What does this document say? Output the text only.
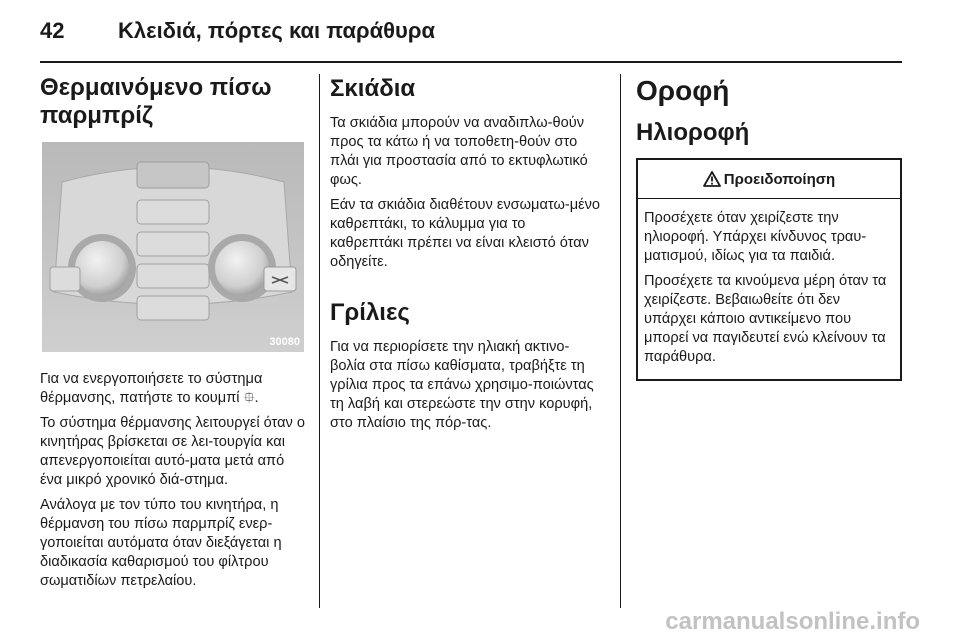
42 Κλειδιά, πόρτες και παράθυρα
Θερμαινόμενο πίσω παρμπρίζ
30080

Για να ενεργοποιήσετε το σύστημα θέρμανσης, πατήστε το κουμπί ⯐.

Το σύστημα θέρμανσης λειτουργεί όταν ο κινητήρας βρίσκεται σε λει-τουργία και απενεργοποιείται αυτό-ματα μετά από ένα μικρό χρονικό διά-στημα.

Ανάλογα με τον τύπο του κινητήρα, η θέρμανση του πίσω παρμπρίζ ενερ-γοποιείται αυτόματα όταν διεξάγεται η διαδικασία καθαρισμού του φίλτρου σωματιδίων πετρελαίου.

Σκιάδια

Τα σκιάδια μπορούν να αναδιπλω-θούν προς τα κάτω ή να τοποθετη-θούν στο πλάι για προστασία από το εκτυφλωτικό φως.

Εάν τα σκιάδια διαθέτουν ενσωματω-μένο καθρεπτάκι, το κάλυμμα για το καθρεπτάκι πρέπει να είναι κλειστό όταν οδηγείτε.

Γρίλιες

Για να περιορίσετε την ηλιακή ακτινο-βολία στα πίσω καθίσματα, τραβήξτε τη γρίλια προς τα επάνω χρησιμο-ποιώντας τη λαβή και στερεώστε την στην κορυφή, στο πλαίσιο της πόρ-τας.

Οροφή
Ηλιοροφή
Προειδοποίηση

Προσέχετε όταν χειρίζεστε την ηλιοροφή. Υπάρχει κίνδυνος τραυ-ματισμού, ιδίως για τα παιδιά.

Προσέχετε τα κινούμενα μέρη όταν τα χειρίζεστε. Βεβαιωθείτε ότι δεν υπάρχει κάποιο αντικείμενο που μπορεί να παγιδευτεί ενώ κλείνουν τα παράθυρα.

carmanualsonline.info
